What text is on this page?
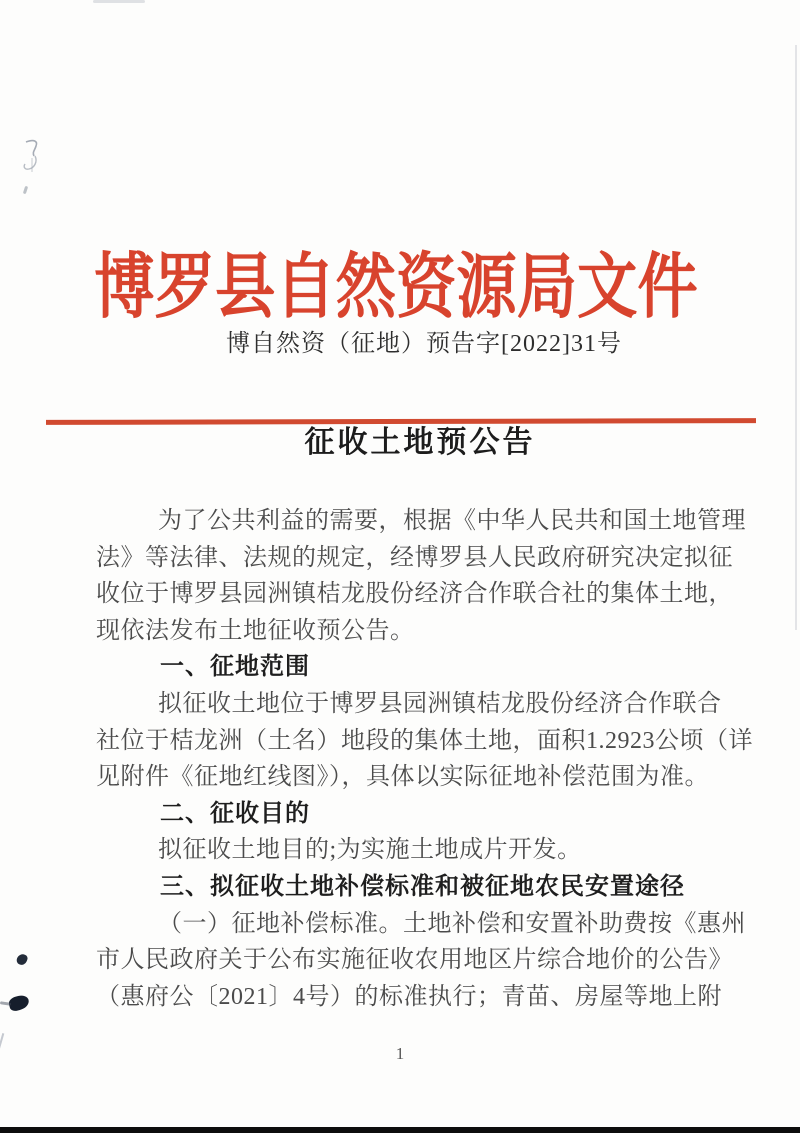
博罗县自然资源局文件
博自然资（征地）预告字[2022]31号
征收土地预公告
为了公共利益的需要，根据《中华人民共和国土地管理
法》等法律、法规的规定，经博罗县人民政府研究决定拟征
收位于博罗县园洲镇桔龙股份经济合作联合社的集体土地，
现依法发布土地征收预公告。
一、征地范围
拟征收土地位于博罗县园洲镇桔龙股份经济合作联合
社位于桔龙洲（土名）地段的集体土地，面积1.2923公顷（详
见附件《征地红线图》），具体以实际征地补偿范围为准。
二、征收目的
拟征收土地目的;为实施土地成片开发。
三、拟征收土地补偿标准和被征地农民安置途径
（一）征地补偿标准。土地补偿和安置补助费按《惠州
市人民政府关于公布实施征收农用地区片综合地价的公告》
（惠府公〔2021〕4号）的标准执行；青苗、房屋等地上附
1
